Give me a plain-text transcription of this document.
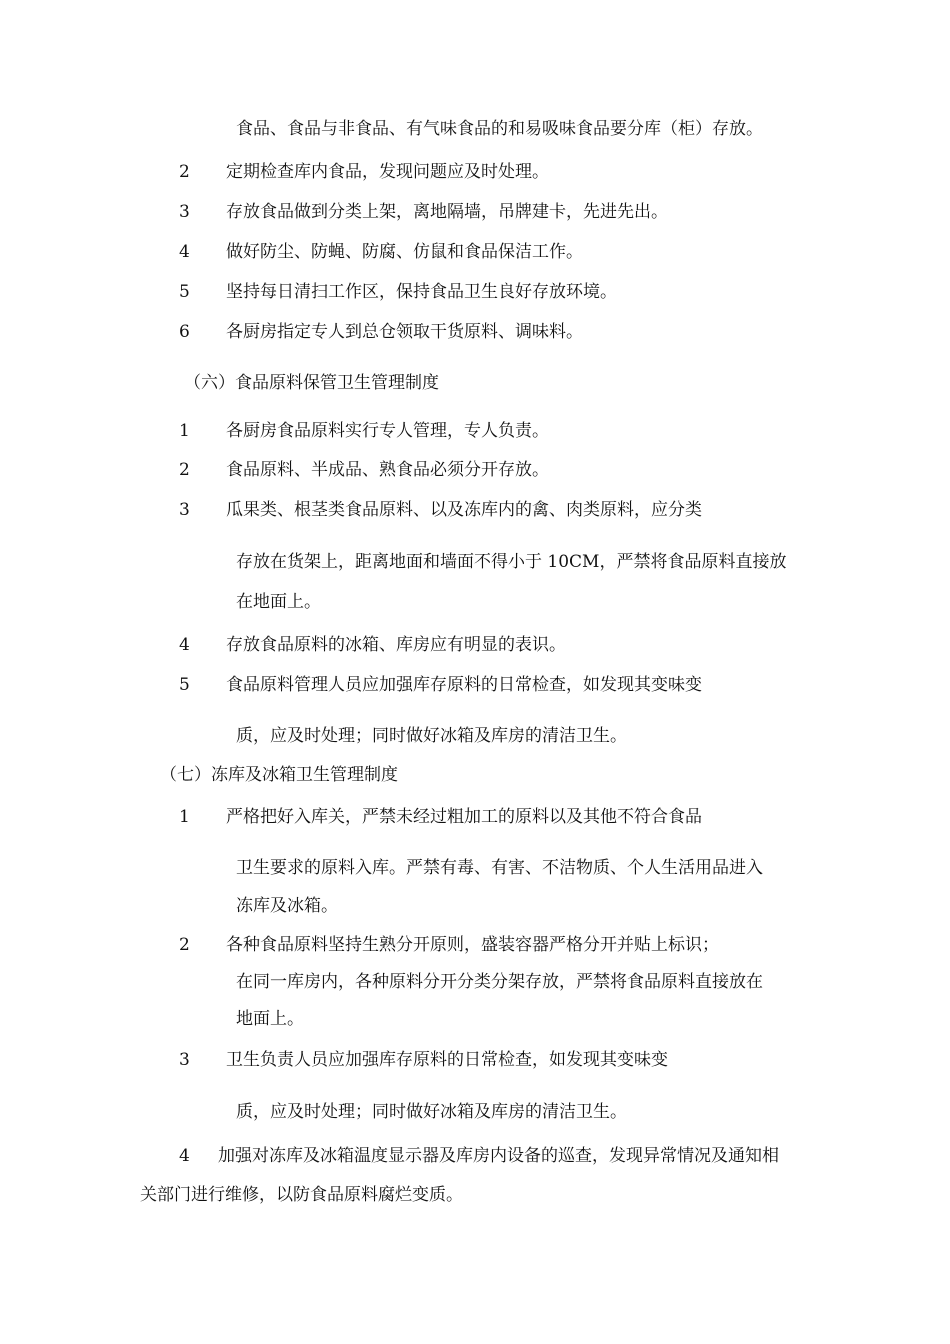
食品、食品与非食品、有气味食品的和易吸味食品要分库（柜）存放。
2 定期检查库内食品，发现问题应及时处理。
3 存放食品做到分类上架，离地隔墙，吊牌建卡，先进先出。
4 做好防尘、防蝇、防腐、仿鼠和食品保洁工作。
5 坚持每日清扫工作区，保持食品卫生良好存放环境。
6 各厨房指定专人到总仓领取干货原料、调味料。
（六）食品原料保管卫生管理制度
1 各厨房食品原料实行专人管理，专人负责。
2 食品原料、半成品、熟食品必须分开存放。
3 瓜果类、根茎类食品原料、以及冻库内的禽、肉类原料，应分类
存放在货架上，距离地面和墙面不得小于 10CM，严禁将食品原料直接放
在地面上。
4 存放食品原料的冰箱、库房应有明显的表识。
5 食品原料管理人员应加强库存原料的日常检查，如发现其变味变
质，应及时处理；同时做好冰箱及库房的清洁卫生。
（七）冻库及冰箱卫生管理制度
1 严格把好入库关，严禁未经过粗加工的原料以及其他不符合食品
卫生要求的原料入库。严禁有毒、有害、不洁物质、个人生活用品进入
冻库及冰箱。
2 各种食品原料坚持生熟分开原则，盛装容器严格分开并贴上标识；
在同一库房内，各种原料分开分类分架存放，严禁将食品原料直接放在
地面上。
3 卫生负责人员应加强库存原料的日常检查，如发现其变味变
质，应及时处理；同时做好冰箱及库房的清洁卫生。
4 加强对冻库及冰箱温度显示器及库房内设备的巡查，发现异常情况及通知相
关部门进行维修，以防食品原料腐烂变质。
